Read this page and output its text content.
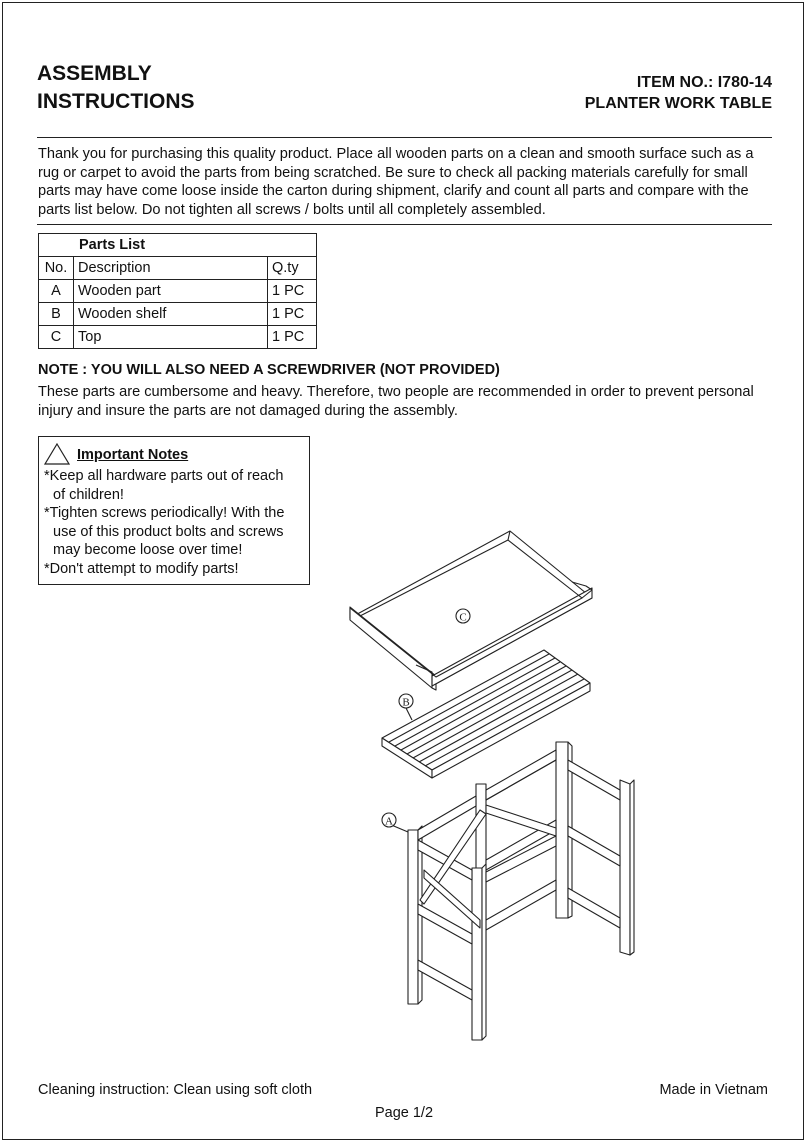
ASSEMBLY
INSTRUCTIONS
ITEM NO.: I780-14
PLANTER WORK TABLE
Thank you for purchasing this quality product. Place all wooden parts on a clean and smooth surface such as a rug or carpet to avoid the parts from being scratched. Be sure to check all packing materials carefully for small parts may have come loose inside the carton during shipment, clarify and count all parts and compare with the parts list below. Do not tighten all screws / bolts until all completely assembled.
Parts List		
No.	Description	Q.ty
A	Wooden part	1 PC
B	Wooden shelf	1 PC
C	Top	1 PC
NOTE : YOU WILL ALSO NEED A SCREWDRIVER (NOT PROVIDED)
These parts are cumbersome and heavy. Therefore, two people are recommended in order to prevent personal injury and insure the parts are not damaged during the assembly.
Important Notes
*Keep all hardware parts out of reach
of children!
*Tighten screws periodically! With the
use of this product bolts and screws
may become loose over time!
*Don't attempt to modify parts!
C
B
A
Cleaning instruction: Clean using soft cloth	Made in Vietnam
Page 1/2
